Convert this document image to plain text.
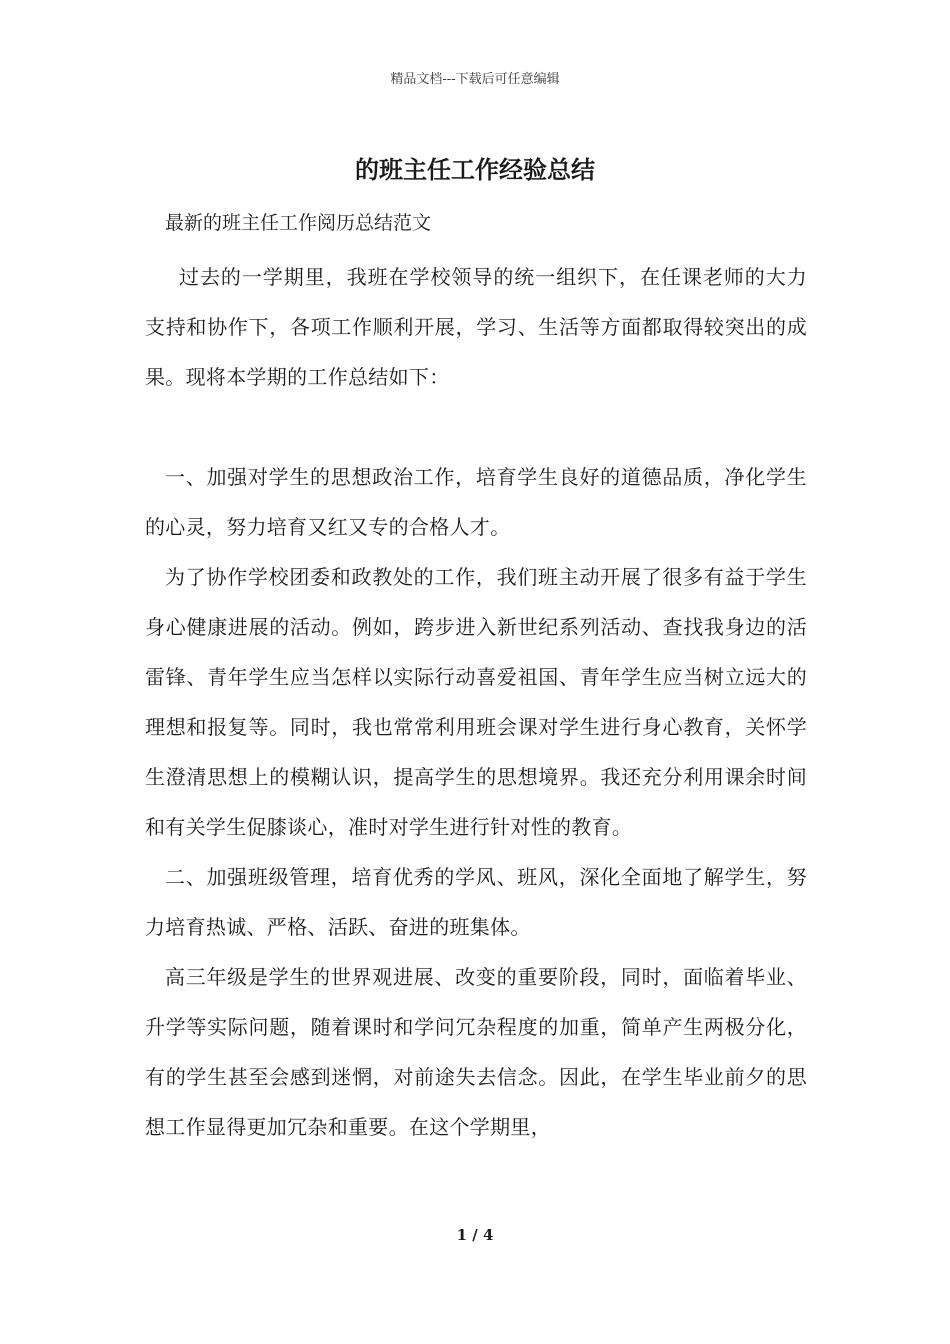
精品文档---下载后可任意编辑
的班主任工作经验总结

最新的班主任工作阅历总结范文

过去的一学期里，我班在学校领导的统一组织下，在任课老师的大力支持和协作下，各项工作顺利开展，学习、生活等方面都取得较突出的成果。现将本学期的工作总结如下：

一、加强对学生的思想政治工作，培育学生良好的道德品质，净化学生的心灵，努力培育又红又专的合格人才。

为了协作学校团委和政教处的工作，我们班主动开展了很多有益于学生身心健康进展的活动。例如，跨步进入新世纪系列活动、查找我身边的活雷锋、青年学生应当怎样以实际行动喜爱祖国、青年学生应当树立远大的理想和报复等。同时，我也常常利用班会课对学生进行身心教育，关怀学生澄清思想上的模糊认识，提高学生的思想境界。我还充分利用课余时间和有关学生促膝谈心，准时对学生进行针对性的教育。

二、加强班级管理，培育优秀的学风、班风，深化全面地了解学生，努力培育热诚、严格、活跃、奋进的班集体。

高三年级是学生的世界观进展、改变的重要阶段，同时，面临着毕业、升学等实际问题，随着课时和学问冗杂程度的加重，简单产生两极分化，有的学生甚至会感到迷惘，对前途失去信念。因此，在学生毕业前夕的思想工作显得更加冗杂和重要。在这个学期里，

1 / 4
